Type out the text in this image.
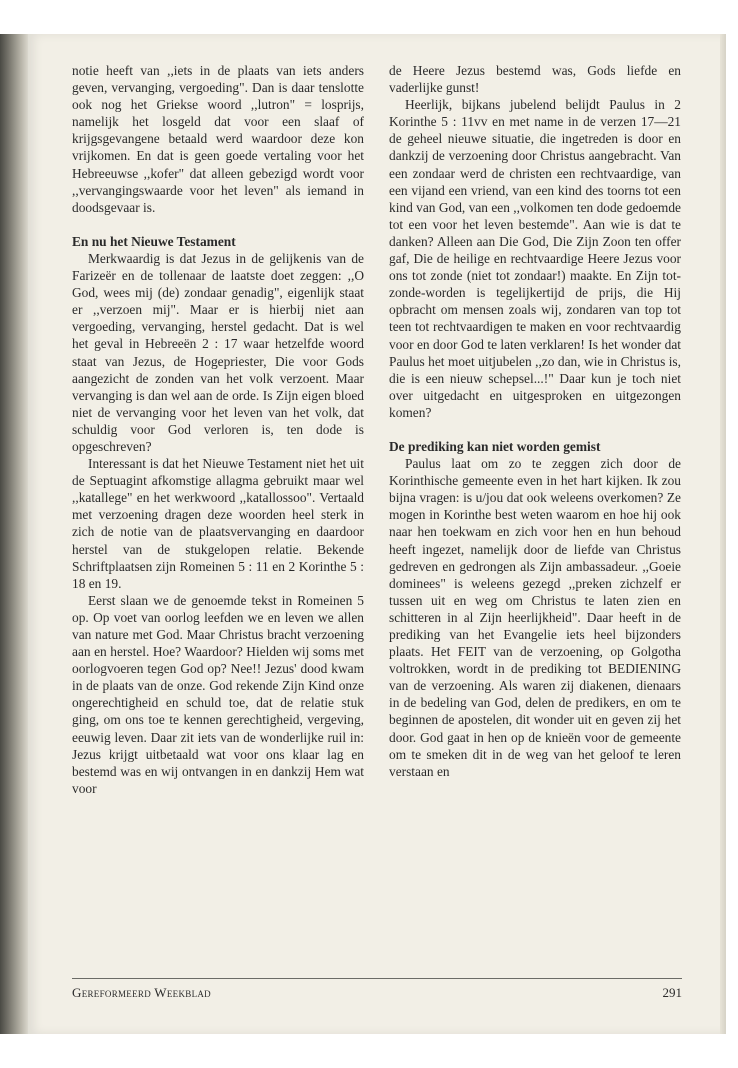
notie heeft van ,,iets in de plaats van iets anders geven, vervanging, vergoeding". Dan is daar tenslotte ook nog het Griekse woord ,,lutron" = losprijs, namelijk het losgeld dat voor een slaaf of krijgsgevangene betaald werd waardoor deze kon vrijkomen. En dat is geen goede vertaling voor het Hebreeuwse ,,kofer" dat alleen gebezigd wordt voor ,,vervangingswaarde voor het leven" als iemand in doodsgevaar is.

En nu het Nieuwe Testament

Merkwaardig is dat Jezus in de gelijkenis van de Farizeër en de tollenaar de laatste doet zeggen: ,,O God, wees mij (de) zondaar genadig", eigenlijk staat er ,,verzoen mij". Maar er is hierbij niet aan vergoeding, vervanging, herstel gedacht. Dat is wel het geval in Hebreeën 2 : 17 waar hetzelfde woord staat van Jezus, de Hogepriester, Die voor Gods aangezicht de zonden van het volk verzoent. Maar vervanging is dan wel aan de orde. Is Zijn eigen bloed niet de vervanging voor het leven van het volk, dat schuldig voor God verloren is, ten dode is opgeschreven?

Interessant is dat het Nieuwe Testament niet het uit de Septuagint afkomstige allagma gebruikt maar wel ,,katallege" en het werkwoord ,,katallossoo". Vertaald met verzoening dragen deze woorden heel sterk in zich de notie van de plaatsvervanging en daardoor herstel van de stukgelopen relatie. Bekende Schriftplaatsen zijn Romeinen 5 : 11 en 2 Korinthe 5 : 18 en 19.

Eerst slaan we de genoemde tekst in Romeinen 5 op. Op voet van oorlog leefden we en leven we allen van nature met God. Maar Christus bracht verzoening aan en herstel. Hoe? Waardoor? Hielden wij soms met oorlogvoeren tegen God op? Nee!! Jezus' dood kwam in de plaats van de onze. God rekende Zijn Kind onze ongerechtigheid en schuld toe, dat de relatie stuk ging, om ons toe te kennen gerechtigheid, vergeving, eeuwig leven. Daar zit iets van de wonderlijke ruil in: Jezus krijgt uitbetaald wat voor ons klaar lag en bestemd was en wij ontvangen in en dankzij Hem wat voor

de Heere Jezus bestemd was, Gods liefde en vaderlijke gunst!

Heerlijk, bijkans jubelend belijdt Paulus in 2 Korinthe 5 : 11vv en met name in de verzen 17—21 de geheel nieuwe situatie, die ingetreden is door en dankzij de verzoening door Christus aangebracht. Van een zondaar werd de christen een rechtvaardige, van een vijand een vriend, van een kind des toorns tot een kind van God, van een ,,volkomen ten dode gedoemde tot een voor het leven bestemde". Aan wie is dat te danken? Alleen aan Die God, Die Zijn Zoon ten offer gaf, Die de heilige en rechtvaardige Heere Jezus voor ons tot zonde (niet tot zondaar!) maakte. En Zijn tot-zonde-worden is tegelijkertijd de prijs, die Hij opbracht om mensen zoals wij, zondaren van top tot teen tot rechtvaardigen te maken en voor rechtvaardig voor en door God te laten verklaren! Is het wonder dat Paulus het moet uitjubelen ,,zo dan, wie in Christus is, die is een nieuw schepsel...!" Daar kun je toch niet over uitgedacht en uitgesproken en uitgezongen komen?

De prediking kan niet worden gemist

Paulus laat om zo te zeggen zich door de Korinthische gemeente even in het hart kijken. Ik zou bijna vragen: is u/jou dat ook weleens overkomen? Ze mogen in Korinthe best weten waarom en hoe hij ook naar hen toekwam en zich voor hen en hun behoud heeft ingezet, namelijk door de liefde van Christus gedreven en gedrongen als Zijn ambassadeur. ,,Goeie dominees" is weleens gezegd ,,preken zichzelf er tussen uit en weg om Christus te laten zien en schitteren in al Zijn heerlijkheid". Daar heeft in de prediking van het Evangelie iets heel bijzonders plaats. Het FEIT van de verzoening, op Golgotha voltrokken, wordt in de prediking tot BEDIENING van de verzoening. Als waren zij diakenen, dienaars in de bedeling van God, delen de predikers, en om te beginnen de apostelen, dit wonder uit en geven zij het door. God gaat in hen op de knieën voor de gemeente om te smeken dit in de weg van het geloof te leren verstaan en

Gereformeerd Weekblad	291
